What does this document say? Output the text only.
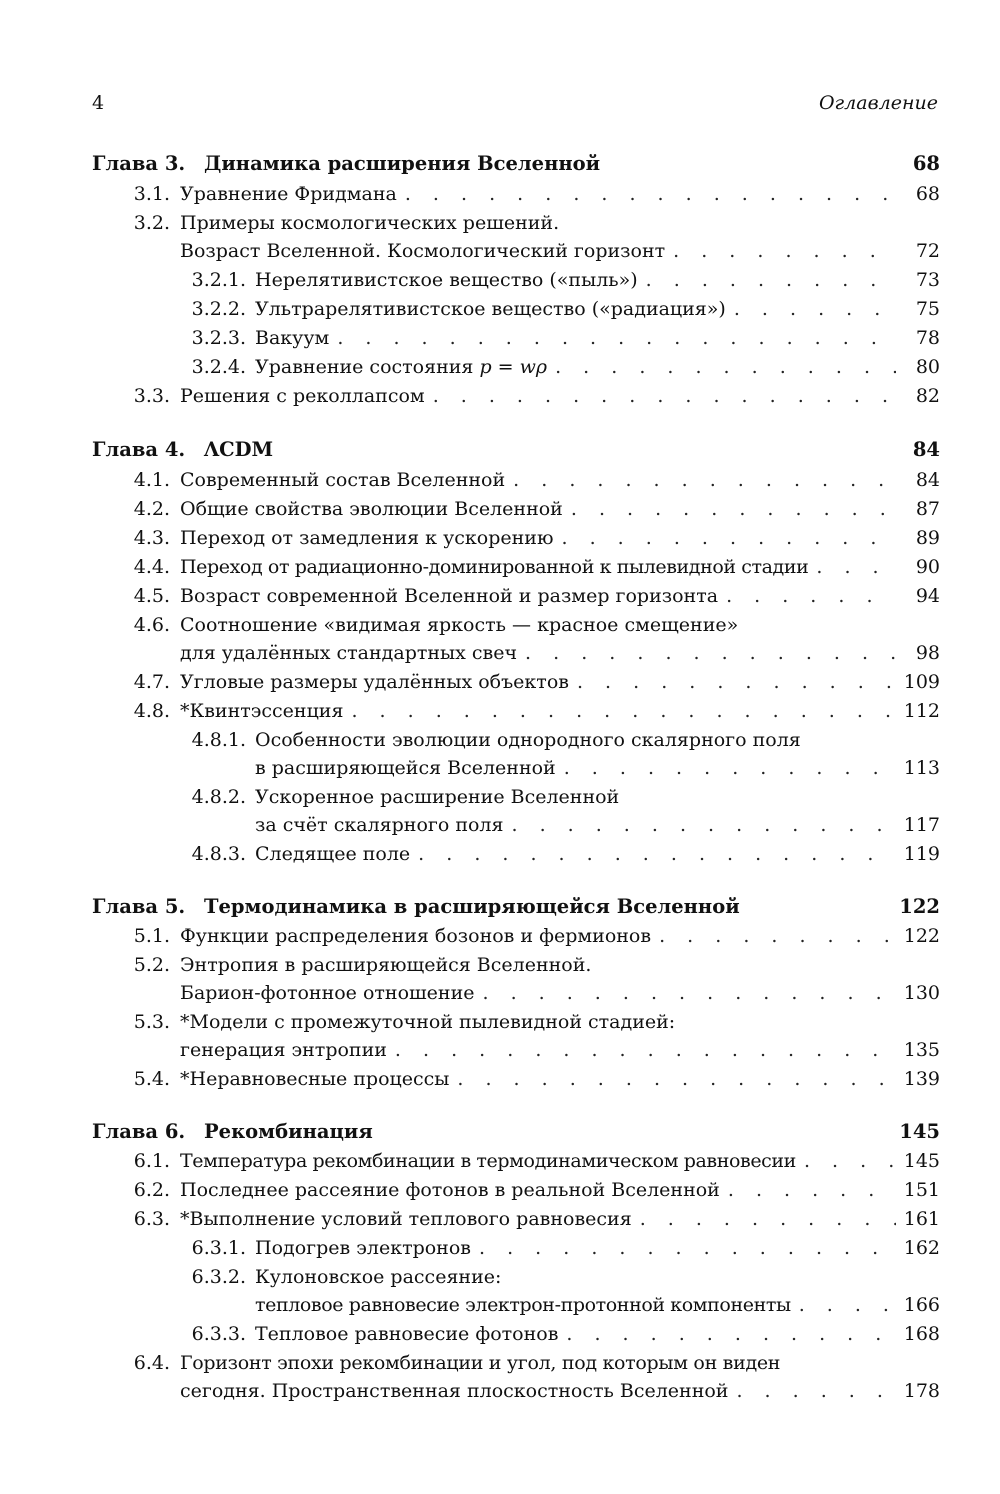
4	Оглавление
Глава 3. Динамика расширения Вселенной	68
3.1. Уравнение Фридмана . . .	68
3.2. Примеры космологических решений.
Возраст Вселенной. Космологический горизонт . . .	72
3.2.1. Нерелятивистское вещество («пыль») . . .	73
3.2.2. Ультрарелятивистское вещество («радиация») . . .	75
3.2.3. Вакуум . . .	78
3.2.4. Уравнение состояния p = wρ . . .	80
3.3. Решения с реколлапсом . . .	82
Глава 4. ΛCDM	84
4.1. Современный состав Вселенной . . .	84
4.2. Общие свойства эволюции Вселенной . . .	87
4.3. Переход от замедления к ускорению . . .	89
4.4. Переход от радиационно-доминированной к пылевидной стадии . . .	90
4.5. Возраст современной Вселенной и размер горизонта . . .	94
4.6. Соотношение «видимая яркость — красное смещение»
для удалённых стандартных свеч . . .	98
4.7. Угловые размеры удалённых объектов . . .	109
4.8. *Квинтэссенция . . .	112
4.8.1. Особенности эволюции однородного скалярного поля
в расширяющейся Вселенной . . .	113
4.8.2. Ускоренное расширение Вселенной
за счёт скалярного поля . . .	117
4.8.3. Следящее поле . . .	119
Глава 5. Термодинамика в расширяющейся Вселенной	122
5.1. Функции распределения бозонов и фермионов . . .	122
5.2. Энтропия в расширяющейся Вселенной.
Барион-фотонное отношение . . .	130
5.3. *Модели с промежуточной пылевидной стадией:
генерация энтропии . . .	135
5.4. *Неравновесные процессы . . .	139
Глава 6. Рекомбинация	145
6.1. Температура рекомбинации в термодинамическом равновесии . . .	145
6.2. Последнее рассеяние фотонов в реальной Вселенной . . .	151
6.3. *Выполнение условий теплового равновесия . . .	161
6.3.1. Подогрев электронов . . .	162
6.3.2. Кулоновское рассеяние:
тепловое равновесие электрон-протонной компоненты . . .	166
6.3.3. Тепловое равновесие фотонов . . .	168
6.4. Горизонт эпохи рекомбинации и угол, под которым он виден
сегодня. Пространственная плоскостность Вселенной . . .	178
